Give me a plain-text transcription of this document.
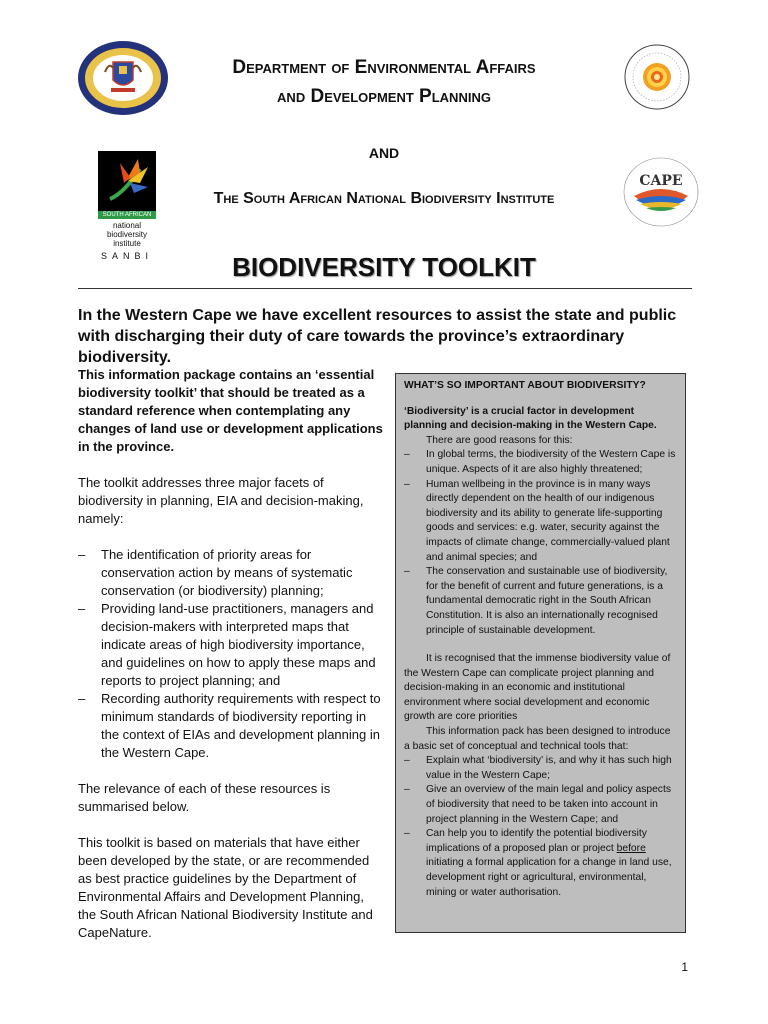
Department of Environmental Affairs
and Development Planning
AND
SOUTH AFRICAN
national biodiversity institute
SANBI
The South African National Biodiversity Institute
CAPE
BIODIVERSITY TOOLKIT
In the Western Cape we have excellent resources to assist the state and public with discharging their duty of care towards the province’s extraordinary biodiversity.

This information package contains an ‘essential biodiversity toolkit’ that should be treated as a standard reference when contemplating any changes of land use or development applications in the province.

The toolkit addresses three major facets of biodiversity in planning, EIA and decision-making, namely:

– The identification of priority areas for conservation action by means of systematic conservation (or biodiversity) planning;
– Providing land-use practitioners, managers and decision-makers with interpreted maps that indicate areas of high biodiversity importance, and guidelines on how to apply these maps and reports to project planning; and
– Recording authority requirements with respect to minimum standards of biodiversity reporting in the context of EIAs and development planning in the Western Cape.

The relevance of each of these resources is summarised below.

This toolkit is based on materials that have either been developed by the state, or are recommended as best practice guidelines by the Department of Environmental Affairs and Development Planning, the South African National Biodiversity Institute and CapeNature.

WHAT’S SO IMPORTANT ABOUT BIODIVERSITY?
‘Biodiversity’ is a crucial factor in development planning and decision-making in the Western Cape.
There are good reasons for this:
– In global terms, the biodiversity of the Western Cape is unique. Aspects of it are also highly threatened;
– Human wellbeing in the province is in many ways directly dependent on the health of our indigenous biodiversity and its ability to generate life-supporting goods and services: e.g. water, security against the impacts of climate change, commercially-valued plant and animal species; and
– The conservation and sustainable use of biodiversity, for the benefit of current and future generations, is a fundamental democratic right in the South African Constitution. It is also an internationally recognised principle of sustainable development.
It is recognised that the immense biodiversity value of the Western Cape can complicate project planning and decision-making in an economic and institutional environment where social development and economic growth are core priorities
This information pack has been designed to introduce a basic set of conceptual and technical tools that:
– Explain what ‘biodiversity’ is, and why it has such high value in the Western Cape;
– Give an overview of the main legal and policy aspects of biodiversity that need to be taken into account in project planning in the Western Cape; and
– Can help you to identify the potential biodiversity implications of a proposed plan or project before initiating a formal application for a change in land use, development right or agricultural, environmental, mining or water authorisation.
1
